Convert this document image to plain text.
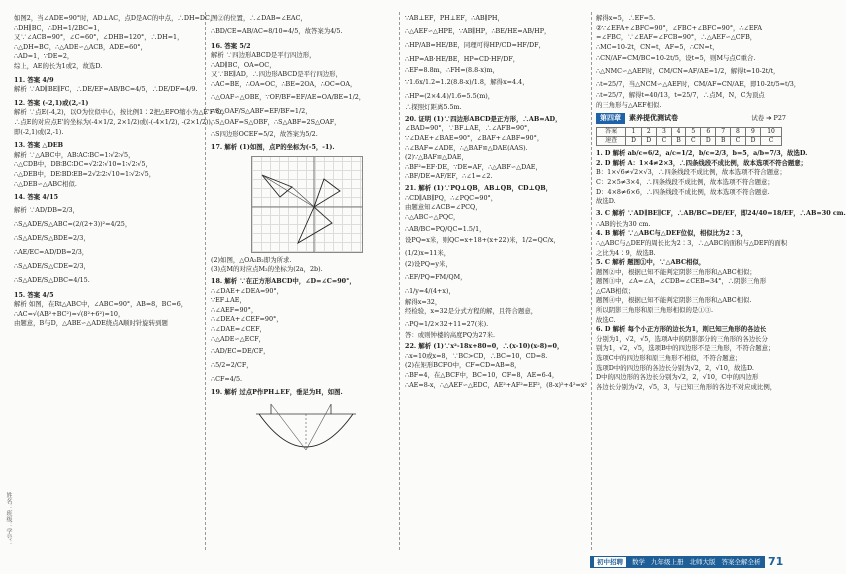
姓名：班级：学号：

如图2，当∠ADE=90°时，AD⊥AC，点D是AC的中点，∴DH=DC，

∴DH∥BC，∴DH=1/2BC=1，

又∵∠ACB=90°，∠C=60°，∠DHB=120°，∴DH=1，

∴△DH=BC，∴△ADE∽△ACB，ADE=60°，

∴AD=1，∵DE=2，

综上，AE的长为1或2，故选D.

11. 答案 4/9

解析 ∵AD∥BE∥FC，∴DE/EF=AB/BC=4/5，∴DE/DF=4/9.

12. 答案 (-2,1)或(2,-1)

解析 ∵点E(-4,2)，以O为位似中心，按比例1∶2把△EFO缩小为△E'F'O，

∴点E的对应点E'的坐标为(-4×1/2, 2×1/2)或(-(-4×1/2), -(2×1/2))，

即(-2,1)或(2,-1).

13. 答案 △DEB

解析 ∵△ABC中，AB∶AC∶BC=1∶√2∶√5，

∴△CDB中，DB∶BC∶DC=√2∶2∶√10=1∶√2∶√5，

∴△DEB中，DE∶BD∶EB=2√2∶2∶√10=1∶√2∶√5，

∴△DEB∽△ABC相似.

14. 答案 4/15

解析 ∵AD/DB=2/3，

∴S△ADE/S△ABC=(2/(2+3))²=4/25，

∴S△ADE/S△BDE=2/3，

∴AE/EC=AD/DB=2/3，

∴S△ADE/S△CDE=2/3，

∴S△ADE/S△DBC=4/15.

15. 答案 4/5

解析 如图，在Rt△ABC中，∠ABC=90°，AB=8，BC=6，

∴AC=√(AB²+BC²)=√(8²+6²)=10，

由题意，B与D，△ABE∽△ADE绕点A顺时针旋转到题

图②的位置，∴∠DAB=∠EAC，

∴BD/CE=AB/AC=8/10=4/5，故答案为4/5.

16. 答案 5/2

解析 ∵四边形ABCD是平行四边形，

∴AD∥BC，OA=OC，

又∵BE∥AD，∴四边形ABCD是平行四边形，

∴AC=BE，∴OA=OC，∴BE=2OA，∴OC=OA，

∴△OAF∽△OBE，∵OF/BF=EF/AE=OA/BE=1/2，

∴S△OAF/S△ABF=EF/BF=1/2，

∴S△OAF=S△OBF，∴S△ABF=2S△OAF，

∴S四边形OCEF=5/2，故答案为5/2.

17. 解析 (1)如图，点P的坐标为(-5，-1).

(2)如图，△OA₂B₂即为所求.

(3)点M的对应点M₂的坐标为(2a，2b).

18. 解析 ∵在正方形ABCD中，∠D=∠C=90°，

∴∠DAE+∠DEA=90°，

∵EF⊥AE，

∴∠AEF=90°，

∴∠DEA+∠CEF=90°，

∴∠DAE=∠CEF，

∴△ADE∽△ECF，

∴AD/EC=DE/CF，

∴5/2=2/CF，

∴CF=4/5.

19. 解析 过点P作PH⊥EF，垂足为H，如图.

∵AB⊥EF，PH⊥EF，∴AB∥PH，

∴△AEF∽△HPE，∵AB∥HP，∴BE/HE=AB/HP，

∴HP/AB=HE/BE，同理可得HP/CD=HF/DF，

∴HP=AB·HE/BE，HP=CD·HF/DF，

∴EF=8.8m，∴FH=(8.8-x)m，

∵1.6x/1.2=1.2(8.8-x)/1.8，解得x=4.4，

∴HP=(2×4.4)/1.6=5.5(m)，

∴探照灯距离5.5m.

20. 证明 (1)∵四边形ABCD是正方形，∴AB=AD，

∠BAD=90°，∵BF⊥AE，∴∠AFB=90°，

∵∠DAE+∠BAE=90°，∠BAF+∠ABF=90°，

∴∠BAF=∠ADE，∴△BAF≌△DAE(AAS).

(2)∵△BAF≌△DAE，

∴BF²=EF·DE，∵DE=AF，∴△ABF∽△DAE，

∴BF/DE=AF/EF，∴∠1=∠2.

21. 解析 (1)∵PQ⊥QB，AB⊥QB，CD⊥QB，

∴CD∥AB∥PQ，∴∠PQC=90°，

由题意知∠ACB=∠PCQ，

∴△ABC∽△PQC，

∴AB/BC=PQ/QC=1.5/1，

设PQ=x米，则QC=x+18+(x+22)米，1/2=QC/x，

(1/2)x=11米，

(2)设PQ=y米，

∴EF/PQ=FM/QM，

∴1/y=4/(4+x)，

解得x=32，

经检验，x=32是分式方程的解，且符合题意，

∴PQ=1/2×32+11=27(米).

答：或则钟楼的高度PQ为27米.

22. 解析 (1)∵x²-18x+80=0，∴(x-10)(x-8)=0，

∴x=10或x=8，∵BC>CD，∴BC=10，CD=8.

(2)在矩形BCFO中，CF=CD=AB=8，

∴BF=4，在△BCF中，BC=10，CF=8，AE=6-4，

∴AE=8-x，∴△AEF∽△EDC，AE²+AF²=EF²，(8-x)²+4²=x²

解得x=5，∴EF=5.

②∵∠EFA+∠BFC=90°，∠FBC+∠BFC=90°，∴∠EFA

=∠FBC，∵∠EAF=∠FCB=90°，∴△AEF∽△CFB，

∴MC=10-2t，CN=t，AF=5，∴CN=t，

∴CN/AF=CM/BC=10-2t/5，设t=5，则M与点C重合.

∴△NMC∽△AEF时，CM/CN=AF/AE=1/2，解得t=10-2t/t，

∴t=25/7，当△NCM∽△AEF时，CM/AF=CN/AE，即10-2t/5=t/3，

∴t=25/7，解得t=40/13，t=25/7，∴点M，N，C为顶点

的三角形与△AEF相似.

第四章	素养提优测试卷	试卷 ➔ P27
答案	1	2	3	4	5	6	7	8	9	10
速查	D	D	C	B	C	D	B	C	D	C

1. D 解析 ab/c=6/2，a/c=1/2，b/c=2/3，b=5，a/b=7/3，故选D.

2. D 解析 A：1×4≠2×3，∴四条线段不成比例，故本选项不符合题意；

B：1×√6≠√2×√3，∴四条线段不成比例，故本选项不符合题意；

C：2×5≠3×4，∴四条线段不成比例，故本选项不符合题意；

D：4×8≠6×6，∴四条线段不成比例，故本选项不符合题意.

故选D.

3. C 解析 ∵AD∥BE∥CF，∴AB/BC=DE/EF，即24/40=18/EF，∴AB=30 cm.

∴AB的长为30 cm.

4. B 解析 ∵△ABC与△DEF位似，相似比为2∶3，

∴△ABC与△DEF的周长比为2∶3，∴△ABC的面积与△DEF的面积

之比为4∶9，故选B.

5. C 解析 题图①中，∵△ABC相似，

题图②中，根据已知不能判定阴影三角形和△ABC相似；

题图③中，∠A=∠A，∠CDB=∠CEB=34°，∴阴影三角形

△CAB相似；

题图④中，根据已知不能判定阴影三角形和△ABC相似.

所以阴影三角形和原三角形相似的是①③.

故选C.

6. D 解析 每个小正方形的边长为1，则已知三角形的各边长

分别为1，√2，√5，选项A中的阴影部分的三角形的各边长分

别为1，√2，√5，选项B中的四边形不是三角形，不符合题意；

选项C中的四边形和原三角形不相似，不符合题意；

选项D中的四边形的各边长分别为√2，2，√10，故选D.

D中的四边形的各边长分别为√2，2，√10，C中的四边形

各边长分别为√2，√5，3，与已知三角形的各边不对应成比例，

初中招聘	数学 九年级上册 北师大版 答案全解全析 71
